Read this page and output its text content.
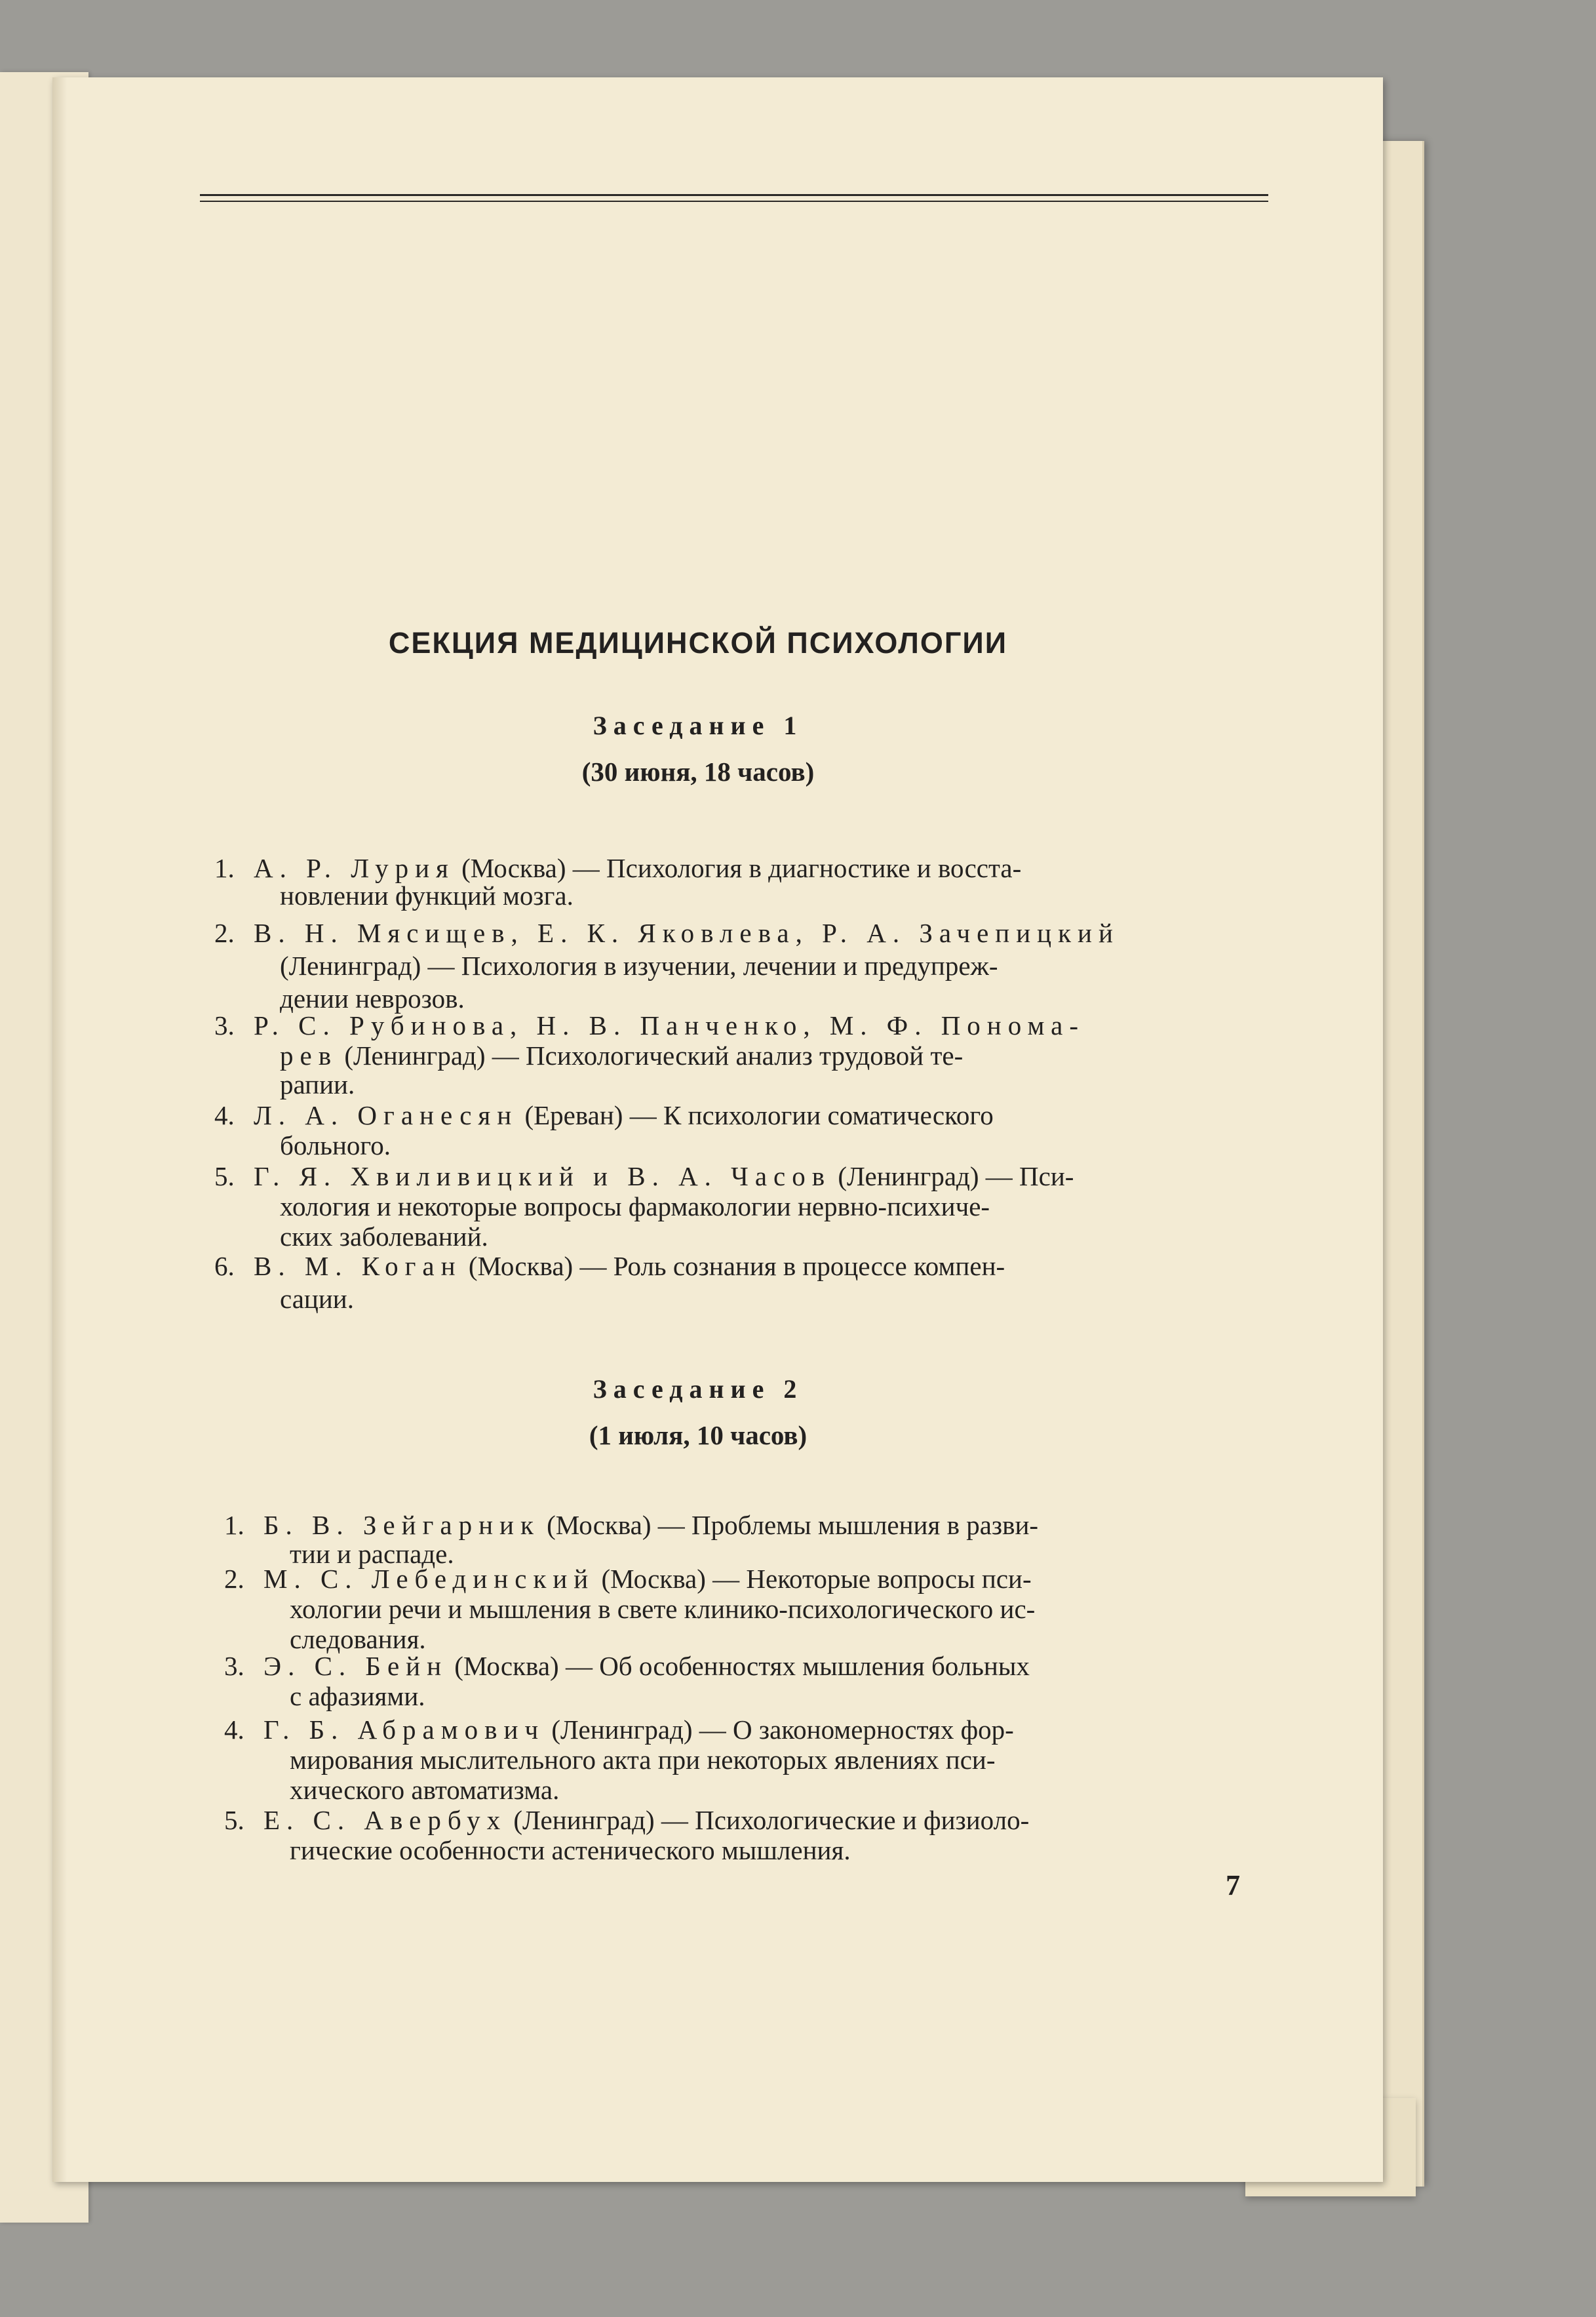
СЕКЦИЯ МЕДИЦИНСКОЙ ПСИХОЛОГИИ
Заседание 1
(30 июня, 18 часов)
1. А. Р. Лурия (Москва) — Психология в диагностике и восста-
новлении функций мозга.
2. В. Н. Мясищев, Е. К. Яковлева, Р. А. Зачепицкий
(Ленинград) — Психология в изучении, лечении и предупреж-
дении неврозов.
3. Р. С. Рубинова, Н. В. Панченко, М. Ф. Понома-
рев (Ленинград) — Психологический анализ трудовой те-
рапии.
4. Л. А. Оганесян (Ереван) — К психологии соматического
больного.
5. Г. Я. Хвиливицкий и В. А. Часов (Ленинград) — Пси-
хология и некоторые вопросы фармакологии нервно-психиче-
ских заболеваний.
6. В. М. Коган (Москва) — Роль сознания в процессе компен-
сации.
Заседание 2
(1 июля, 10 часов)
1. Б. В. Зейгарник (Москва) — Проблемы мышления в разви-
тии и распаде.
2. М. С. Лебединский (Москва) — Некоторые вопросы пси-
хологии речи и мышления в свете клинико-психологического ис-
следования.
3. Э. С. Бейн (Москва) — Об особенностях мышления больных
с афазиями.
4. Г. Б. Абрамович (Ленинград) — О закономерностях фор-
мирования мыслительного акта при некоторых явлениях пси-
хического автоматизма.
5. Е. С. Авербух (Ленинград) — Психологические и физиоло-
гические особенности астенического мышления.
7
